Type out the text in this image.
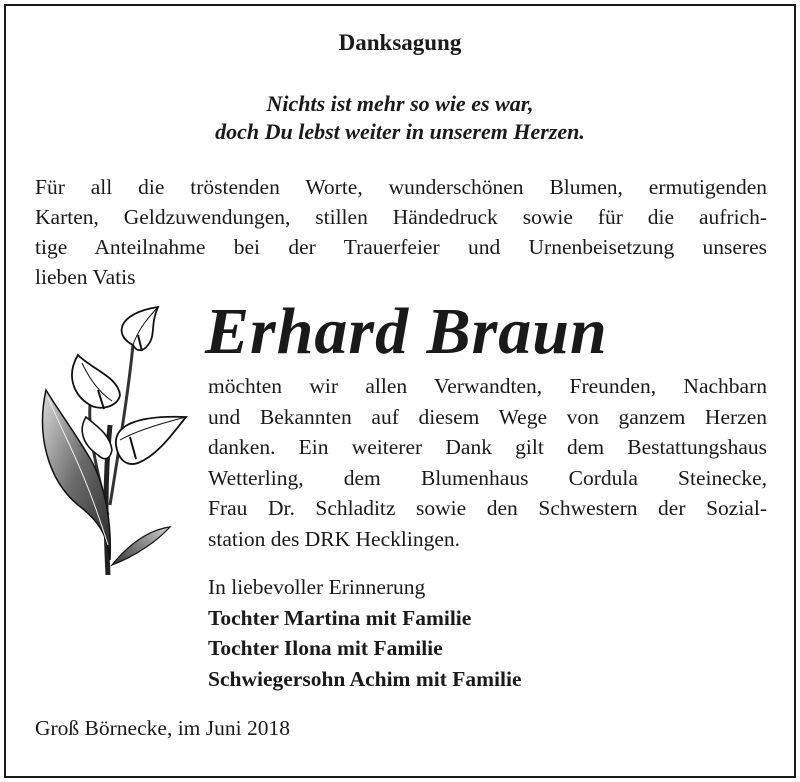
Danksagung
Nichts ist mehr so wie es war,
doch Du lebst weiter in unserem Herzen.
Für all die tröstenden Worte, wunderschönen Blumen, ermutigenden
Karten, Geldzuwendungen, stillen Händedruck sowie für die aufrich-
tige Anteilnahme bei der Trauerfeier und Urnenbeisetzung unseres
lieben Vatis
Erhard Braun
möchten wir allen Verwandten, Freunden, Nachbarn
und Bekannten auf diesem Wege von ganzem Herzen
danken. Ein weiterer Dank gilt dem Bestattungshaus
Wetterling, dem Blumenhaus Cordula Steinecke,
Frau Dr. Schladitz sowie den Schwestern der Sozial-
station des DRK Hecklingen.
In liebevoller Erinnerung
Tochter Martina mit Familie
Tochter Ilona mit Familie
Schwiegersohn Achim mit Familie
Groß Börnecke, im Juni 2018
